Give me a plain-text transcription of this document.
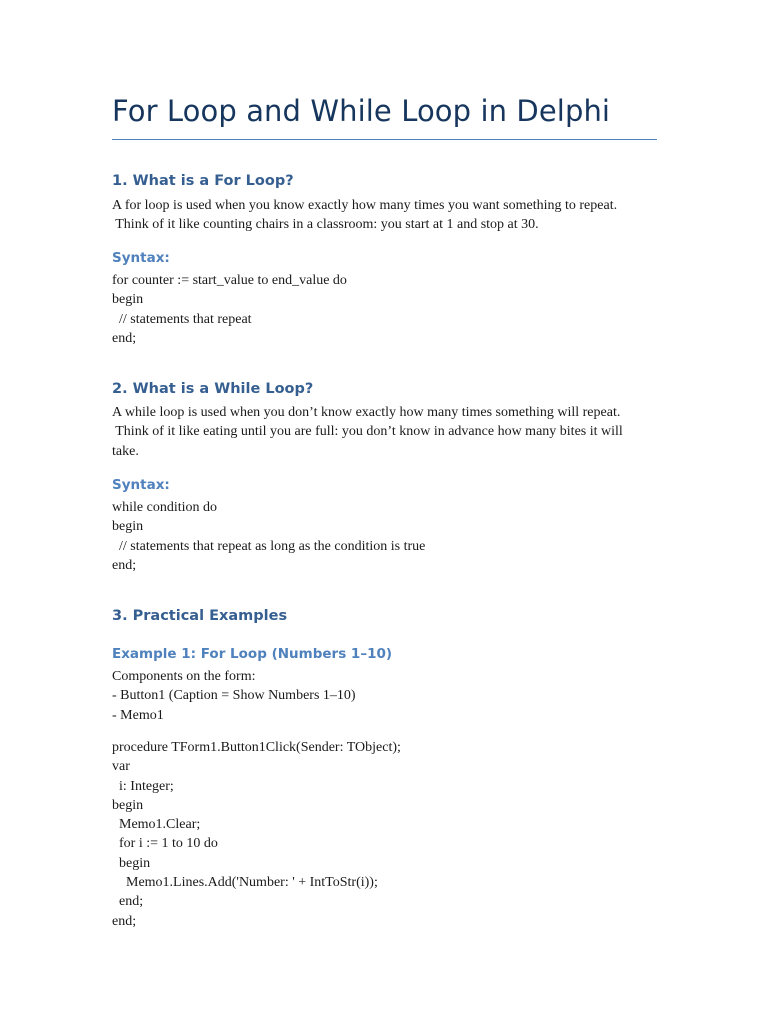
For Loop and While Loop in Delphi
1. What is a For Loop?
A for loop is used when you know exactly how many times you want something to repeat.
Think of it like counting chairs in a classroom: you start at 1 and stop at 30.
Syntax:
for counter := start_value to end_value do
begin
// statements that repeat
end;
2. What is a While Loop?
A while loop is used when you don’t know exactly how many times something will repeat.
Think of it like eating until you are full: you don’t know in advance how many bites it will
take.
Syntax:
while condition do
begin
// statements that repeat as long as the condition is true
end;
3. Practical Examples
Example 1: For Loop (Numbers 1–10)
Components on the form:
- Button1 (Caption = Show Numbers 1–10)
- Memo1
procedure TForm1.Button1Click(Sender: TObject);
var
i: Integer;
begin
Memo1.Clear;
for i := 1 to 10 do
begin
Memo1.Lines.Add('Number: ' + IntToStr(i));
end;
end;
